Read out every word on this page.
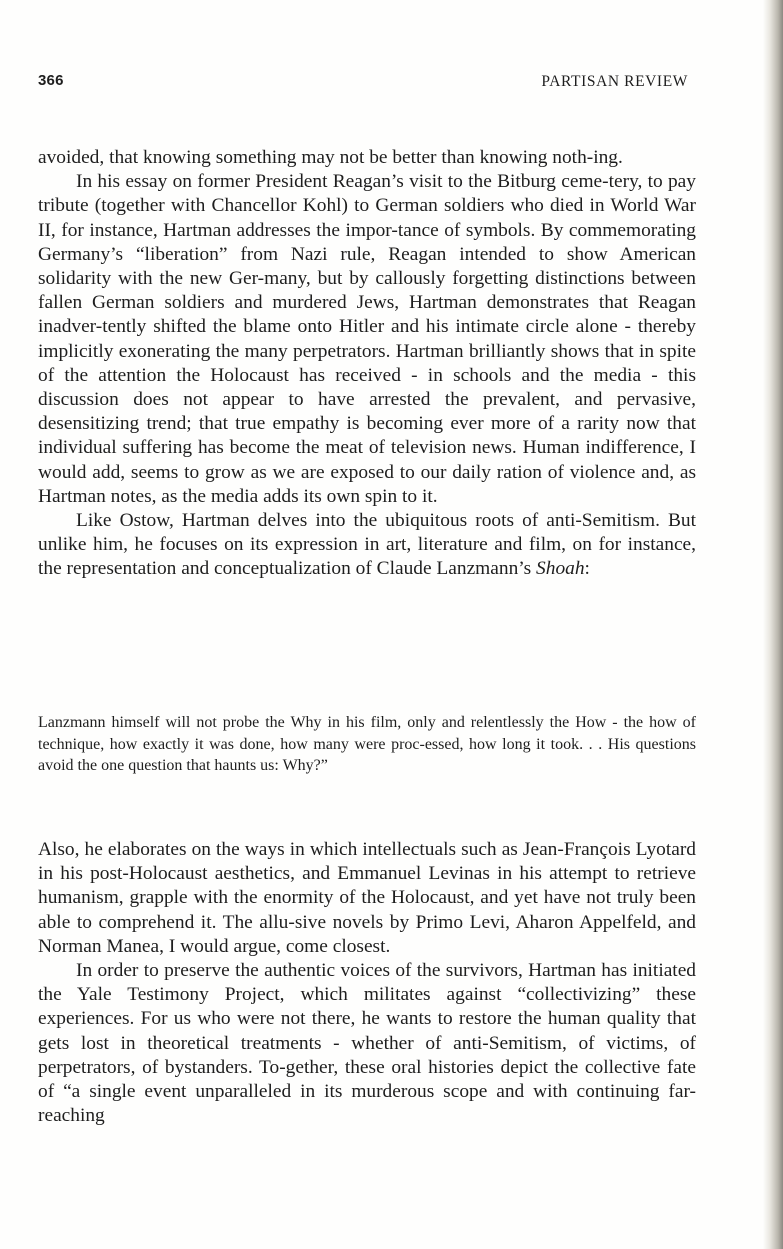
366	PARTISAN REVIEW

avoided, that knowing something may not be better than knowing noth-ing.

In his essay on former President Reagan’s visit to the Bitburg ceme-tery, to pay tribute (together with Chancellor Kohl) to German soldiers who died in World War II, for instance, Hartman addresses the impor-tance of symbols. By commemorating Germany’s “liberation” from Nazi rule, Reagan intended to show American solidarity with the new Ger-many, but by callously forgetting distinctions between fallen German soldiers and murdered Jews, Hartman demonstrates that Reagan inadver-tently shifted the blame onto Hitler and his intimate circle alone - thereby implicitly exonerating the many perpetrators. Hartman brilliantly shows that in spite of the attention the Holocaust has received - in schools and the media - this discussion does not appear to have arrested the prevalent, and pervasive, desensitizing trend; that true empathy is becoming ever more of a rarity now that individual suffering has become the meat of television news. Human indifference, I would add, seems to grow as we are exposed to our daily ration of violence and, as Hartman notes, as the media adds its own spin to it.

Like Ostow, Hartman delves into the ubiquitous roots of anti-Semitism. But unlike him, he focuses on its expression in art, literature and film, on for instance, the representation and conceptualization of Claude Lanzmann’s Shoah:

Lanzmann himself will not probe the Why in his film, only and relentlessly the How - the how of technique, how exactly it was done, how many were proc-essed, how long it took. . . His questions avoid the one question that haunts us: Why?”

Also, he elaborates on the ways in which intellectuals such as Jean-François Lyotard in his post-Holocaust aesthetics, and Emmanuel Levinas in his attempt to retrieve humanism, grapple with the enormity of the Holocaust, and yet have not truly been able to comprehend it. The allu-sive novels by Primo Levi, Aharon Appelfeld, and Norman Manea, I would argue, come closest.

In order to preserve the authentic voices of the survivors, Hartman has initiated the Yale Testimony Project, which militates against “collectivizing” these experiences. For us who were not there, he wants to restore the human quality that gets lost in theoretical treatments - whether of anti-Semitism, of victims, of perpetrators, of bystanders. To-gether, these oral histories depict the collective fate of “a single event unparalleled in its murderous scope and with continuing far-reaching
